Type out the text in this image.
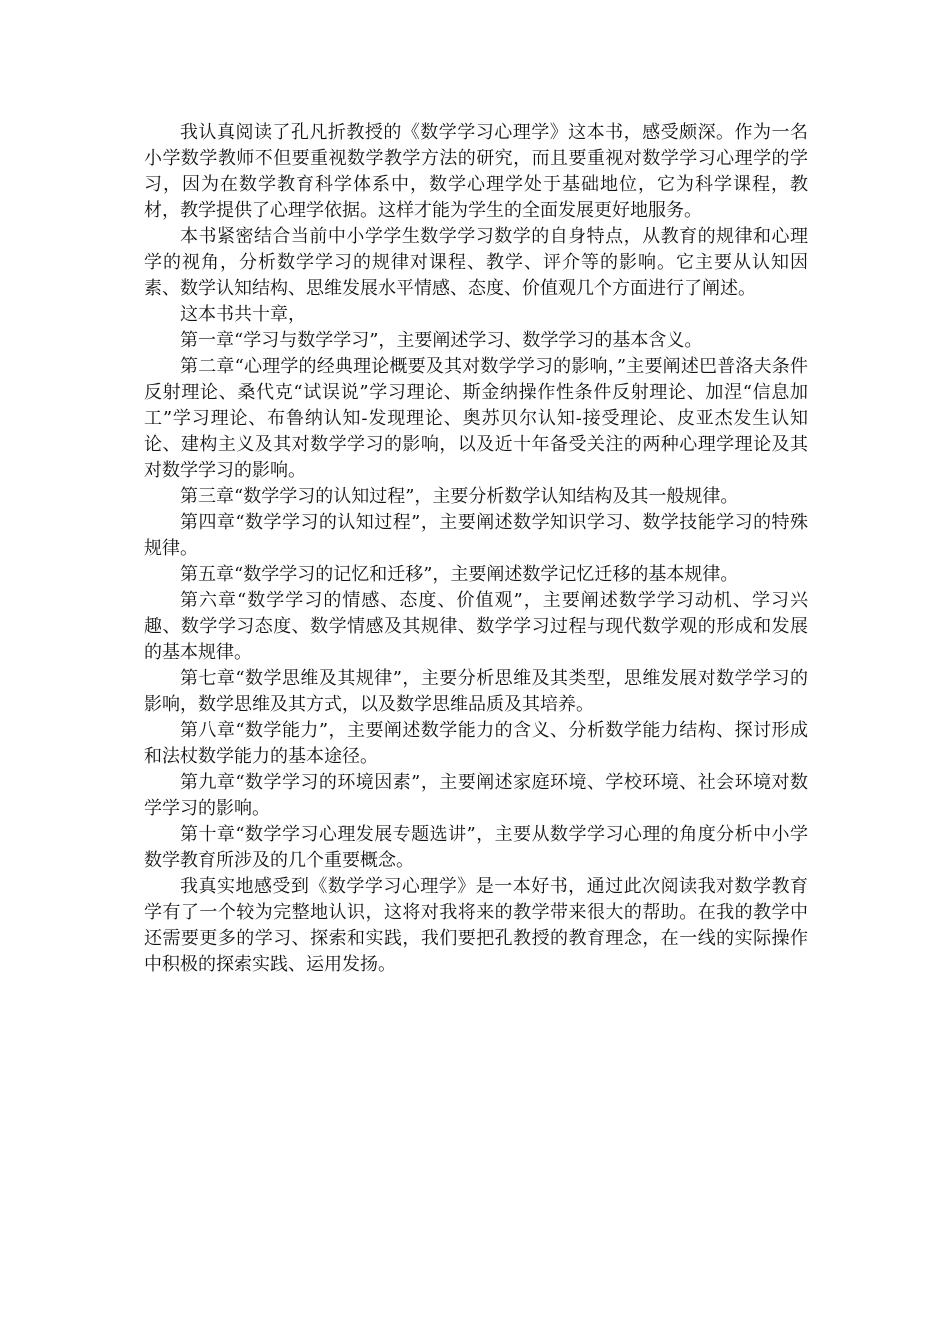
我认真阅读了孔凡折教授的《数学学习心理学》这本书，感受颇深。作为一名小学数学教师不但要重视数学教学方法的研究，而且要重视对数学学习心理学的学习，因为在数学教育科学体系中，数学心理学处于基础地位，它为科学课程，教材，教学提供了心理学依据。这样才能为学生的全面发展更好地服务。

本书紧密结合当前中小学学生数学学习数学的自身特点，从教育的规律和心理学的视角，分析数学学习的规律对课程、教学、评介等的影响。它主要从认知因素、数学认知结构、思维发展水平情感、态度、价值观几个方面进行了阐述。

这本书共十章，

第一章“学习与数学学习”，主要阐述学习、数学学习的基本含义。

第二章“心理学的经典理论概要及其对数学学习的影响，”主要阐述巴普洛夫条件反射理论、桑代克“试误说”学习理论、斯金纳操作性条件反射理论、加涅“信息加工”学习理论、布鲁纳认知-发现理论、奥苏贝尔认知-接受理论、皮亚杰发生认知论、建构主义及其对数学学习的影响，以及近十年备受关注的两种心理学理论及其对数学学习的影响。

第三章“数学学习的认知过程”，主要分析数学认知结构及其一般规律。

第四章“数学学习的认知过程”，主要阐述数学知识学习、数学技能学习的特殊规律。

第五章“数学学习的记忆和迁移”，主要阐述数学记忆迁移的基本规律。

第六章“数学学习的情感、态度、价值观”，主要阐述数学学习动机、学习兴趣、数学学习态度、数学情感及其规律、数学学习过程与现代数学观的形成和发展的基本规律。

第七章“数学思维及其规律”，主要分析思维及其类型，思维发展对数学学习的影响，数学思维及其方式，以及数学思维品质及其培养。

第八章“数学能力”，主要阐述数学能力的含义、分析数学能力结构、探讨形成和法杖数学能力的基本途径。

第九章“数学学习的环境因素”，主要阐述家庭环境、学校环境、社会环境对数学学习的影响。

第十章“数学学习心理发展专题选讲”，主要从数学学习心理的角度分析中小学数学教育所涉及的几个重要概念。

我真实地感受到《数学学习心理学》是一本好书，通过此次阅读我对数学教育学有了一个较为完整地认识，这将对我将来的教学带来很大的帮助。在我的教学中还需要更多的学习、探索和实践，我们要把孔教授的教育理念，在一线的实际操作中积极的探索实践、运用发扬。
